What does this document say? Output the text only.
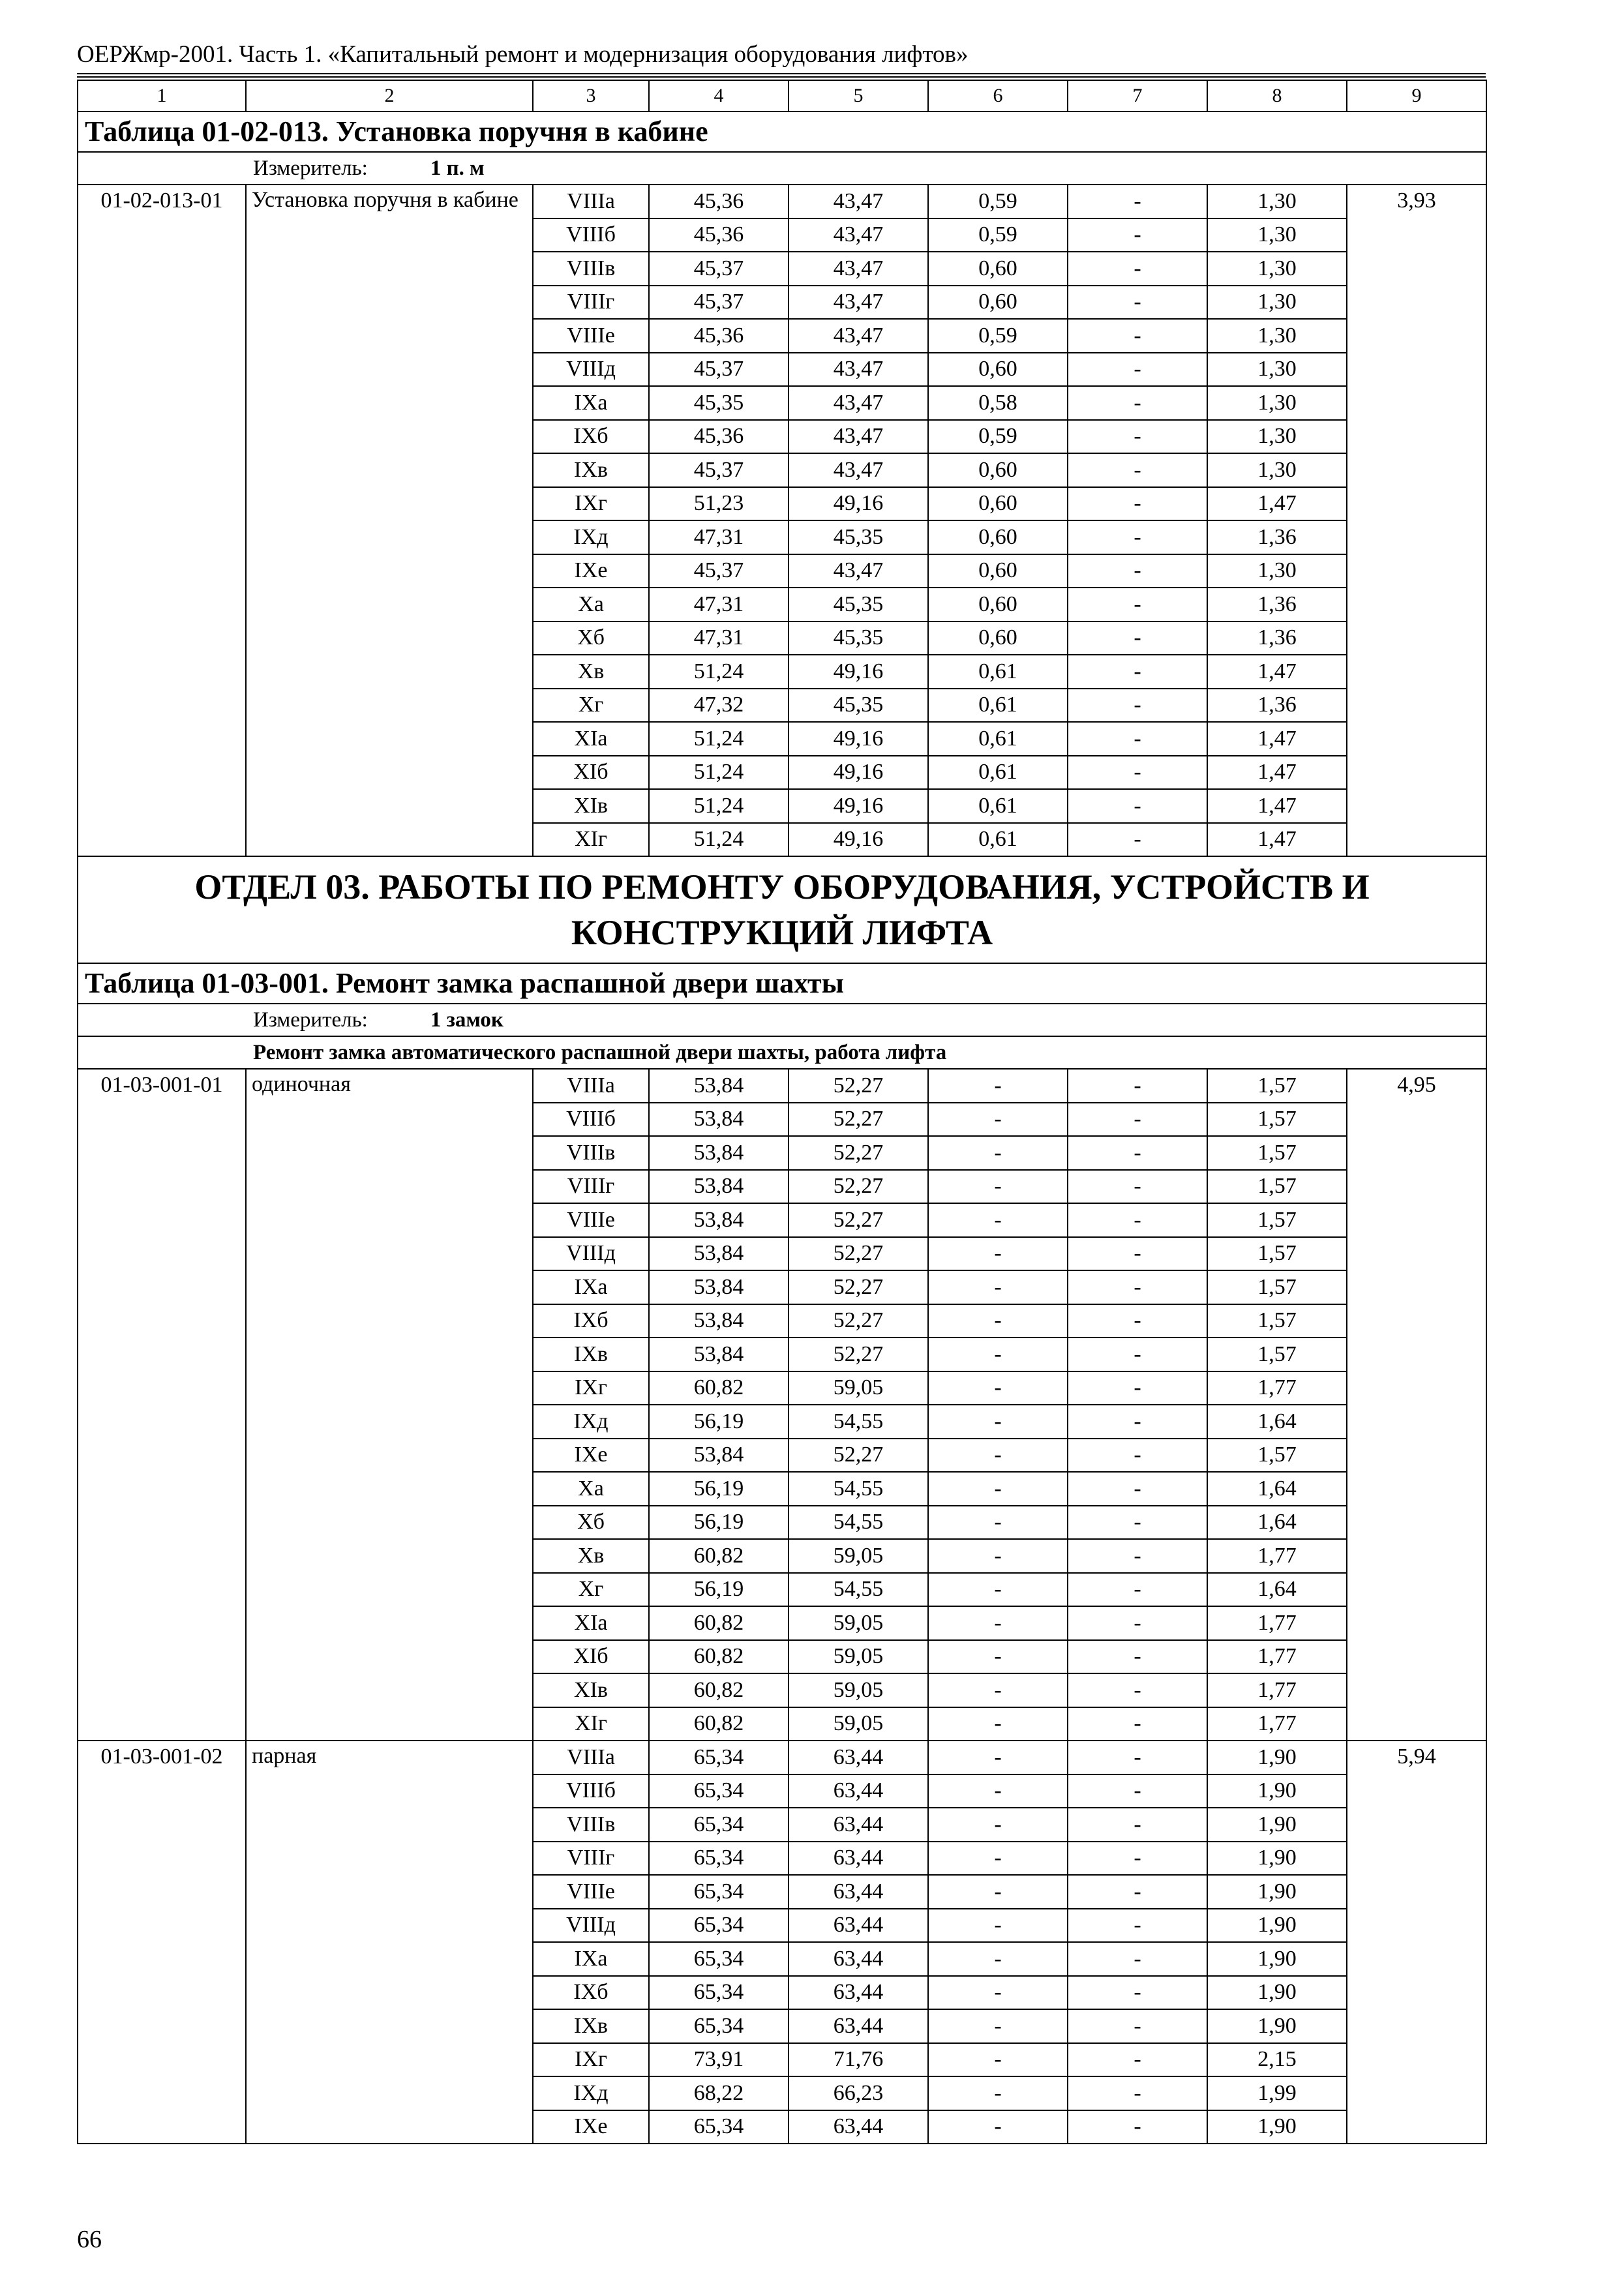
ОЕРЖмр-2001. Часть 1. «Капитальный ремонт и модернизация оборудования лифтов»
1	2	3	4	5	6	7	8	9
Таблица 01-02-013. Установка поручня в кабине								
Измеритель: 1 п. м								
01-02-013-01	Установка поручня в кабине	VIIIа	45,36	43,47	0,59	-	1,30	3,93
		VIIIб	45,36	43,47	0,59	-	1,30	
		VIIIв	45,37	43,47	0,60	-	1,30	
		VIIIг	45,37	43,47	0,60	-	1,30	
		VIIIе	45,36	43,47	0,59	-	1,30	
		VIIIд	45,37	43,47	0,60	-	1,30	
		IXа	45,35	43,47	0,58	-	1,30	
		IXб	45,36	43,47	0,59	-	1,30	
		IXв	45,37	43,47	0,60	-	1,30	
		IXг	51,23	49,16	0,60	-	1,47	
		IXд	47,31	45,35	0,60	-	1,36	
		IXе	45,37	43,47	0,60	-	1,30	
		Xа	47,31	45,35	0,60	-	1,36	
		Xб	47,31	45,35	0,60	-	1,36	
		Xв	51,24	49,16	0,61	-	1,47	
		Xг	47,32	45,35	0,61	-	1,36	
		XIа	51,24	49,16	0,61	-	1,47	
		XIб	51,24	49,16	0,61	-	1,47	
		XIв	51,24	49,16	0,61	-	1,47	
		XIг	51,24	49,16	0,61	-	1,47	
ОТДЕЛ 03. РАБОТЫ ПО РЕМОНТУ ОБОРУДОВАНИЯ, УСТРОЙСТВ И КОНСТРУКЦИЙ ЛИФТА								
Таблица 01-03-001. Ремонт замка распашной двери шахты								
Измеритель: 1 замок								
Ремонт замка автоматического распашной двери шахты, работа лифта								
01-03-001-01	одиночная	VIIIа	53,84	52,27	-	-	1,57	4,95
		VIIIб	53,84	52,27	-	-	1,57	
		VIIIв	53,84	52,27	-	-	1,57	
		VIIIг	53,84	52,27	-	-	1,57	
		VIIIе	53,84	52,27	-	-	1,57	
		VIIIд	53,84	52,27	-	-	1,57	
		IXа	53,84	52,27	-	-	1,57	
		IXб	53,84	52,27	-	-	1,57	
		IXв	53,84	52,27	-	-	1,57	
		IXг	60,82	59,05	-	-	1,77	
		IXд	56,19	54,55	-	-	1,64	
		IXе	53,84	52,27	-	-	1,57	
		Xа	56,19	54,55	-	-	1,64	
		Xб	56,19	54,55	-	-	1,64	
		Xв	60,82	59,05	-	-	1,77	
		Xг	56,19	54,55	-	-	1,64	
		XIа	60,82	59,05	-	-	1,77	
		XIб	60,82	59,05	-	-	1,77	
		XIв	60,82	59,05	-	-	1,77	
		XIг	60,82	59,05	-	-	1,77	
01-03-001-02	парная	VIIIа	65,34	63,44	-	-	1,90	5,94
		VIIIб	65,34	63,44	-	-	1,90	
		VIIIв	65,34	63,44	-	-	1,90	
		VIIIг	65,34	63,44	-	-	1,90	
		VIIIе	65,34	63,44	-	-	1,90	
		VIIIд	65,34	63,44	-	-	1,90	
		IXа	65,34	63,44	-	-	1,90	
		IXб	65,34	63,44	-	-	1,90	
		IXв	65,34	63,44	-	-	1,90	
		IXг	73,91	71,76	-	-	2,15	
		IXд	68,22	66,23	-	-	1,99	
		IXе	65,34	63,44	-	-	1,90	
66
